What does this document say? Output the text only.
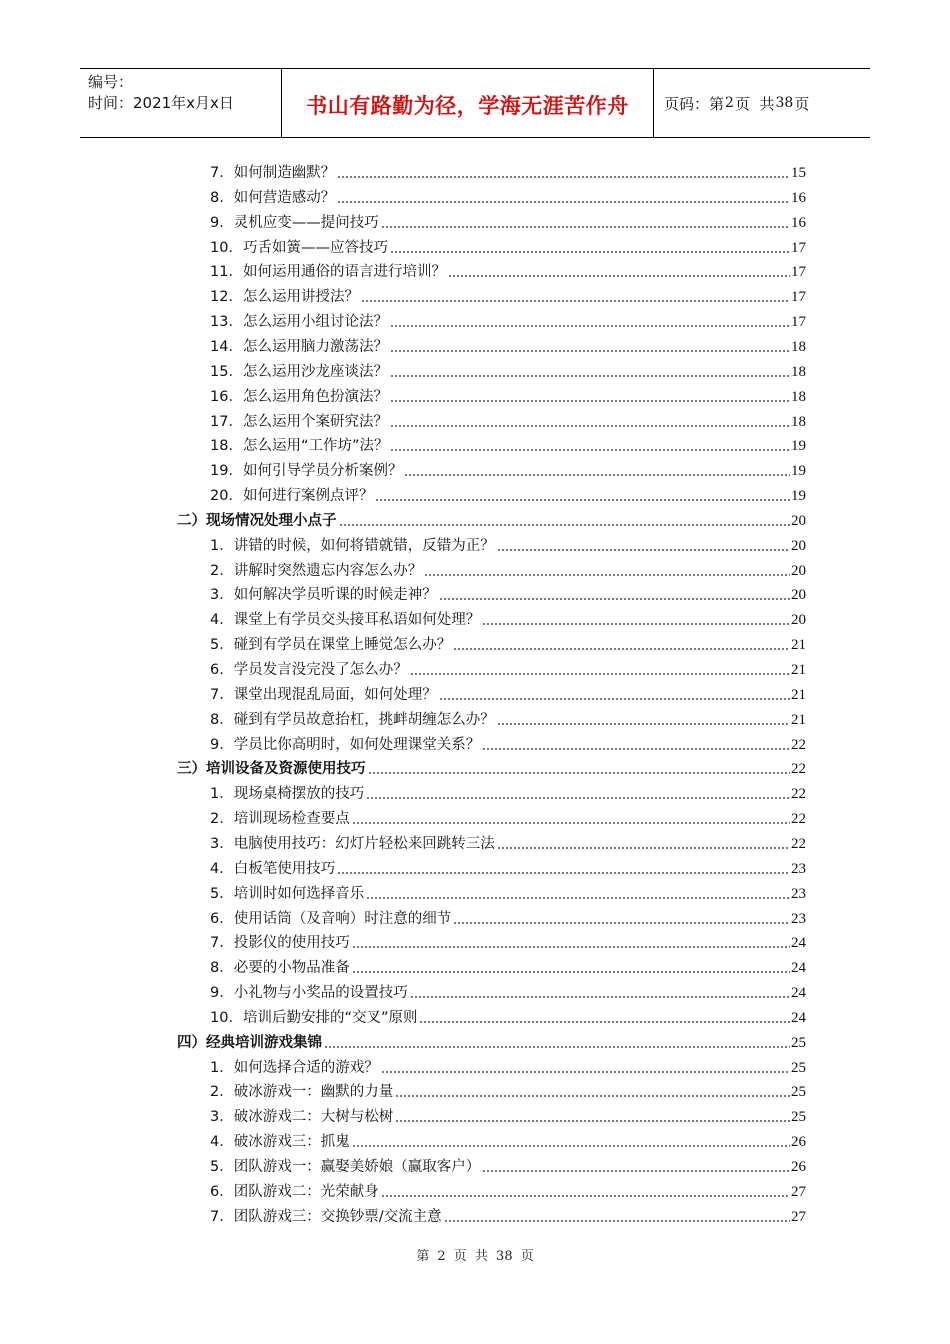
编号：
时间：2021年x月x日	书山有路勤为径，学海无涯苦作舟	页码：第 2 页  共 38 页
7．如何制造幽默？	15
8．如何营造感动？	16
9．灵机应变——提问技巧	16
10．巧舌如簧——应答技巧	17
11．如何运用通俗的语言进行培训？	17
12．怎么运用讲授法？	17
13．怎么运用小组讨论法？	17
14．怎么运用脑力激荡法？	18
15．怎么运用沙龙座谈法？	18
16．怎么运用角色扮演法？	18
17．怎么运用个案研究法？	18
18．怎么运用“工作坊”法？	19
19．如何引导学员分析案例？	19
20．如何进行案例点评？	19
二）现场情况处理小点子	20
1．讲错的时候，如何将错就错，反错为正？	20
2．讲解时突然遗忘内容怎么办？	20
3．如何解决学员听课的时候走神？	20
4．课堂上有学员交头接耳私语如何处理？	20
5．碰到有学员在课堂上睡觉怎么办？	21
6．学员发言没完没了怎么办？	21
7．课堂出现混乱局面，如何处理？	21
8．碰到有学员故意抬杠，挑衅胡缠怎么办？	21
9．学员比你高明时，如何处理课堂关系？	22
三）培训设备及资源使用技巧	22
1．现场桌椅摆放的技巧	22
2．培训现场检查要点	22
3．电脑使用技巧：幻灯片轻松来回跳转三法	22
4．白板笔使用技巧	23
5．培训时如何选择音乐	23
6．使用话筒（及音响）时注意的细节	23
7．投影仪的使用技巧	24
8．必要的小物品准备	24
9．小礼物与小奖品的设置技巧	24
10．培训后勤安排的“交叉”原则	24
四）经典培训游戏集锦	25
1．如何选择合适的游戏？	25
2．破冰游戏一：幽默的力量	25
3．破冰游戏二：大树与松树	25
4．破冰游戏三：抓鬼	26
5．团队游戏一：赢娶美娇娘（赢取客户）	26
6．团队游戏二：光荣献身	27
7．团队游戏三：交换钞票/交流主意	27
第 2 页 共 38 页
